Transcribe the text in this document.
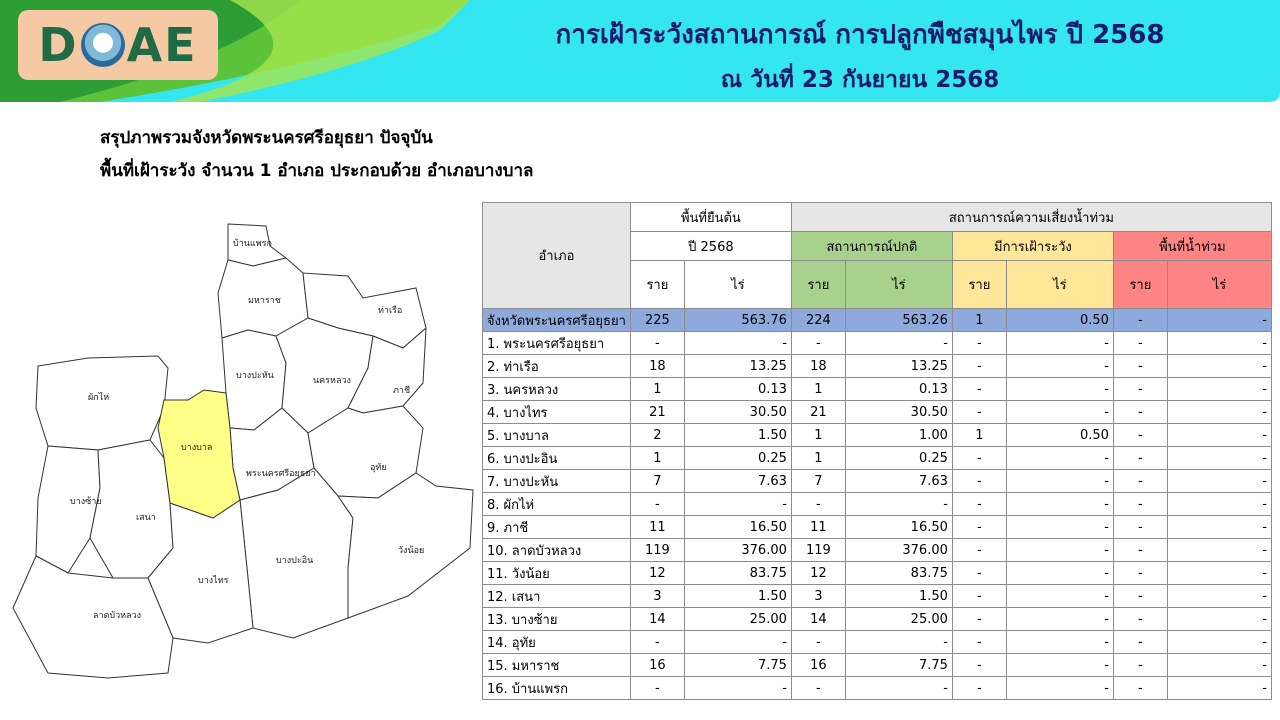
D AE	การเฝ้าระวังสถานการณ์ การปลูกพืชสมุนไพร ปี 2568
ณ วันที่ 23 กันยายน 2568
สรุปภาพรวมจังหวัดพระนครศรีอยุธยา ปัจจุบัน
พื้นที่เฝ้าระวัง จำนวน 1 อำเภอ ประกอบด้วย อำเภอบางบาล
บ้านแพรก
มหาราช
ท่าเรือ
บางปะหัน	นครหลวง
ภาชี
ผักไห่
บางบาล
พระนครศรีอยุธยา
อุทัย
บางซ้าย
เสนา
บางปะอิน
วังน้อย
บางไทร
ลาดบัวหลวง
อำเภอ	พื้นที่ยืนต้น		สถานการณ์ความเสี่ยงน้ำท่วม					
	ปี 2568		สถานการณ์ปกติ		มีการเฝ้าระวัง		พื้นที่น้ำท่วม	
	ราย	ไร่	ราย	ไร่	ราย	ไร่	ราย	ไร่
จังหวัดพระนครศรีอยุธยา	225	563.76	224	563.26	1	0.50	-	-
1. พระนครศรีอยุธยา	-	-	-	-	-	-	-	-
2. ท่าเรือ	18	13.25	18	13.25	-	-	-	-
3. นครหลวง	1	0.13	1	0.13	-	-	-	-
4. บางไทร	21	30.50	21	30.50	-	-	-	-
5. บางบาล	2	1.50	1	1.00	1	0.50	-	-
6. บางปะอิน	1	0.25	1	0.25	-	-	-	-
7. บางปะหัน	7	7.63	7	7.63	-	-	-	-
8. ผักไห่	-	-	-	-	-	-	-	-
9. ภาชี	11	16.50	11	16.50	-	-	-	-
10. ลาดบัวหลวง	119	376.00	119	376.00	-	-	-	-
11. วังน้อย	12	83.75	12	83.75	-	-	-	-
12. เสนา	3	1.50	3	1.50	-	-	-	-
13. บางซ้าย	14	25.00	14	25.00	-	-	-	-
14. อุทัย	-	-	-	-	-	-	-	-
15. มหาราช	16	7.75	16	7.75	-	-	-	-
16. บ้านแพรก	-	-	-	-	-	-	-	-
